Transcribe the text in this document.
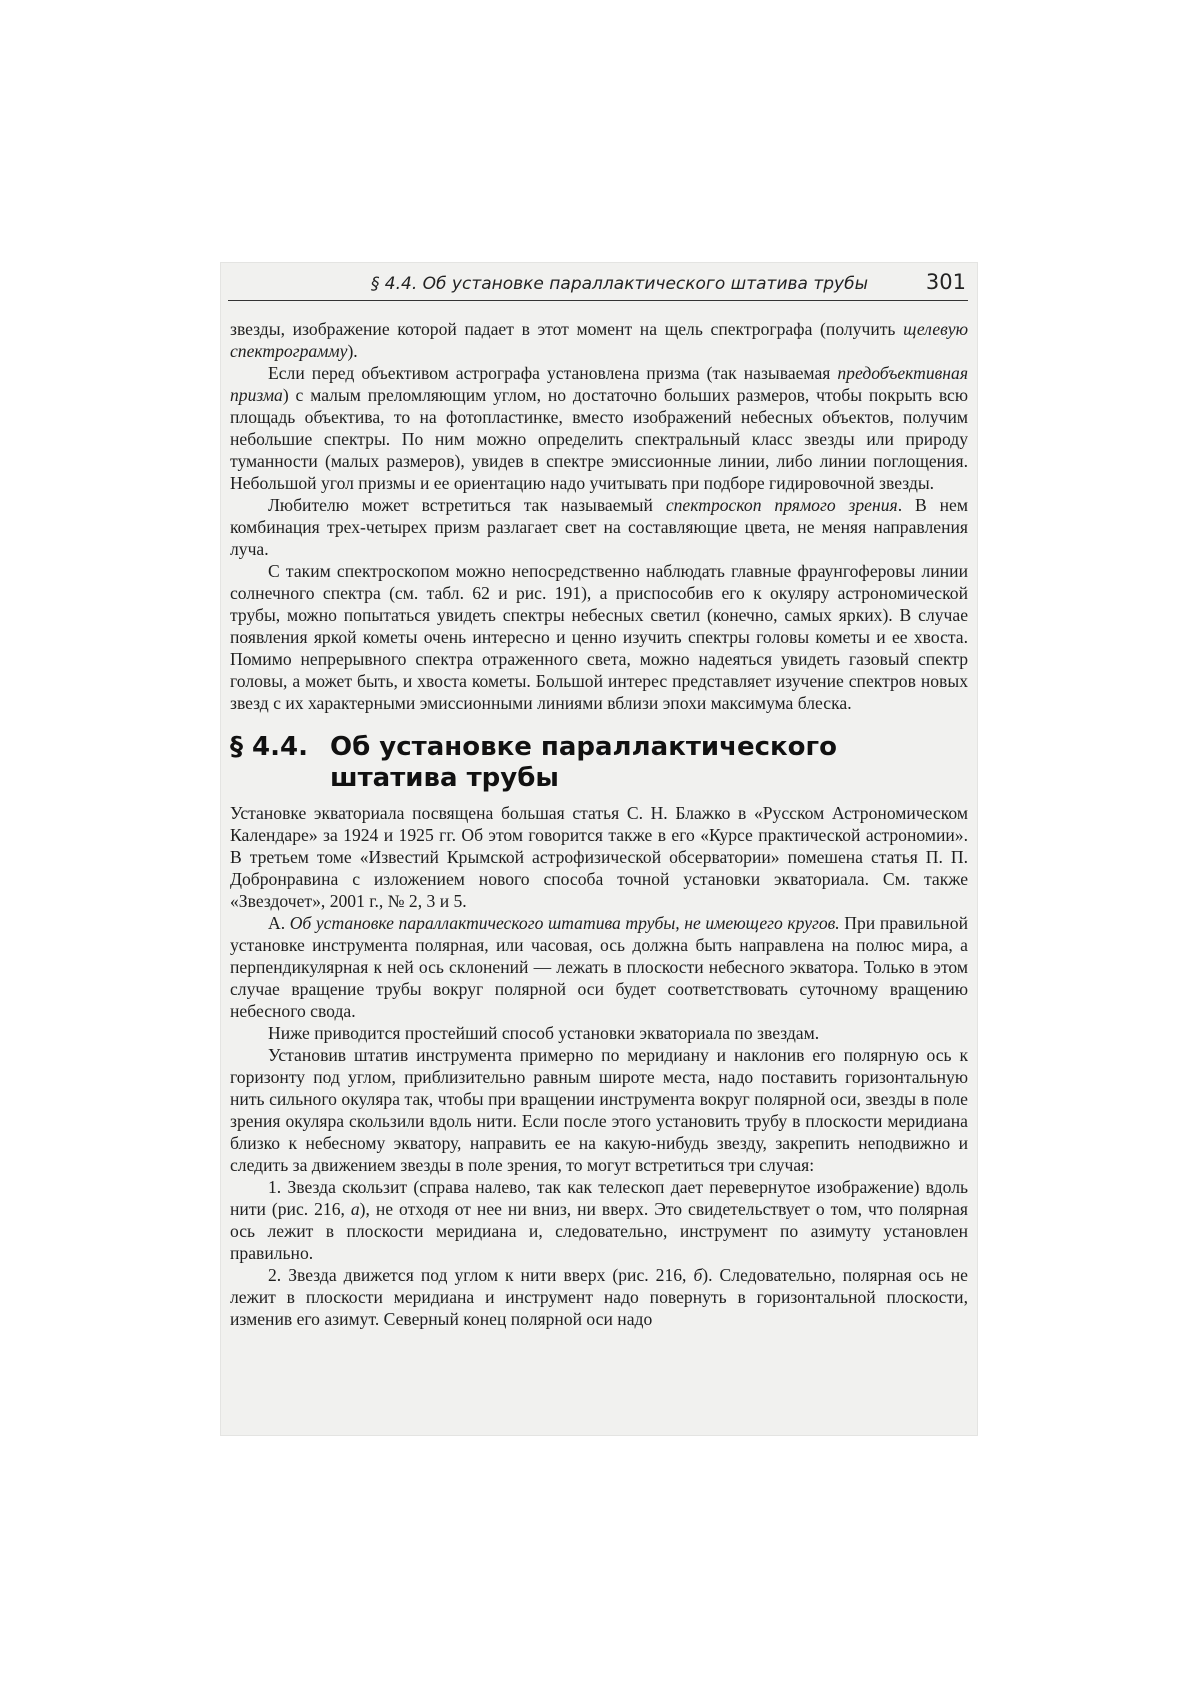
§ 4.4. Об установке параллактического штатива трубы	301

звезды, изображение которой падает в этот момент на щель спектрографа (получить щелевую спектрограмму).

Если перед объективом астрографа установлена призма (так называемая предобъективная призма) с малым преломляющим углом, но достаточно больших размеров, чтобы покрыть всю площадь объектива, то на фотопластинке, вместо изображений небесных объектов, получим небольшие спектры. По ним можно определить спектральный класс звезды или природу туманности (малых размеров), увидев в спектре эмиссионные линии, либо линии поглощения. Небольшой угол призмы и ее ориентацию надо учитывать при подборе гидировочной звезды.

Любителю может встретиться так называемый спектроскоп прямого зрения. В нем комбинация трех-четырех призм разлагает свет на составляющие цвета, не меняя направления луча.

С таким спектроскопом можно непосредственно наблюдать главные фраунгоферовы линии солнечного спектра (см. табл. 62 и рис. 191), а приспособив его к окуляру астрономической трубы, можно попытаться увидеть спектры небесных светил (конечно, самых ярких). В случае появления яркой кометы очень интересно и ценно изучить спектры головы кометы и ее хвоста. Помимо непрерывного спектра отраженного света, можно надеяться увидеть газовый спектр головы, а может быть, и хвоста кометы. Большой интерес представляет изучение спектров новых звезд с их характерными эмиссионными линиями вблизи эпохи максимума блеска.

§ 4.4. Об установке параллактического штатива трубы

Установке экваториала посвящена большая статья С. Н. Блажко в «Русском Астрономическом Календаре» за 1924 и 1925 гг. Об этом говорится также в его «Курсе практической астрономии». В третьем томе «Известий Крымской астрофизической обсерватории» помешена статья П. П. Добронравина с изложением нового способа точной установки экваториала. См. также «Звездочет», 2001 г., № 2, 3 и 5.

А. Об установке параллактического штатива трубы, не имеющего кругов. При правильной установке инструмента полярная, или часовая, ось должна быть направлена на полюс мира, а перпендикулярная к ней ось склонений — лежать в плоскости небесного экватора. Только в этом случае вращение трубы вокруг полярной оси будет соответствовать суточному вращению небесного свода.

Ниже приводится простейший способ установки экваториала по звездам.

Установив штатив инструмента примерно по меридиану и наклонив его полярную ось к горизонту под углом, приблизительно равным широте места, надо поставить горизонтальную нить сильного окуляра так, чтобы при вращении инструмента вокруг полярной оси, звезды в поле зрения окуляра скользили вдоль нити. Если после этого установить трубу в плоскости меридиана близко к небесному экватору, направить ее на какую-нибудь звезду, закрепить неподвижно и следить за движением звезды в поле зрения, то могут встретиться три случая:

1. Звезда скользит (справа налево, так как телескоп дает перевернутое изображение) вдоль нити (рис. 216, а), не отходя от нее ни вниз, ни вверх. Это свидетельствует о том, что полярная ось лежит в плоскости меридиана и, следовательно, инструмент по азимуту установлен правильно.

2. Звезда движется под углом к нити вверх (рис. 216, б). Следовательно, полярная ось не лежит в плоскости меридиана и инструмент надо повернуть в горизонтальной плоскости, изменив его азимут. Северный конец полярной оси надо
